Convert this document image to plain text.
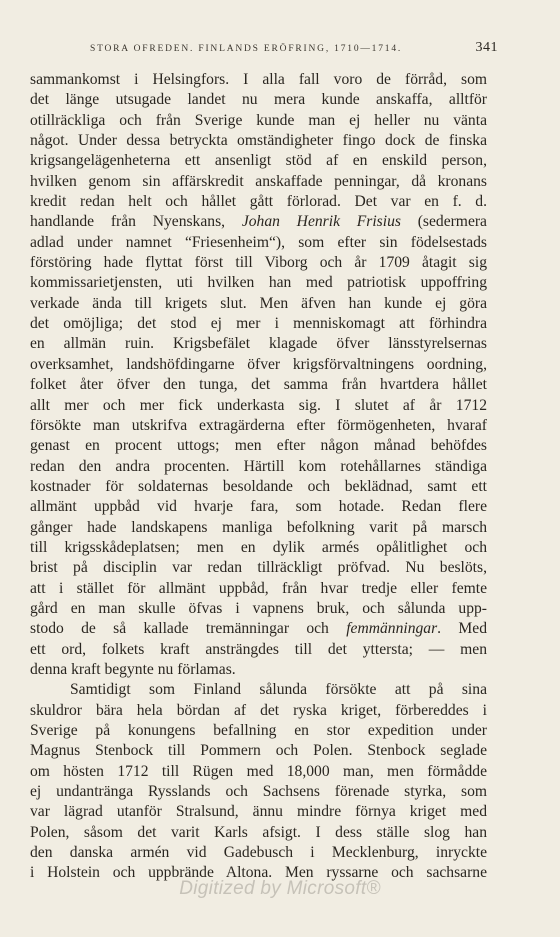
STORA OFREDEN. FINLANDS ERÖFRING, 1710—1714.	341
sammankomst i Helsingfors. I alla fall voro de förråd, som
det länge utsugade landet nu mera kunde anskaffa, alltför
otillräckliga och från Sverige kunde man ej heller nu vänta
något. Under dessa betryckta omständigheter fingo dock de finska
krigsangelägenheterna ett ansenligt stöd af en enskild person,
hvilken genom sin affärskredit anskaffade penningar, då kronans
kredit redan helt och hållet gått förlorad. Det var en f. d.
handlande från Nyenskans, Johan Henrik Frisius (sedermera
adlad under namnet “Friesenheim“), som efter sin födelsestads
förstöring hade flyttat först till Viborg och år 1709 åtagit sig
kommissarietjensten, uti hvilken han med patriotisk uppoffring
verkade ända till krigets slut. Men äfven han kunde ej göra
det omöjliga; det stod ej mer i menniskomagt att förhindra
en allmän ruin. Krigsbefälet klagade öfver länsstyrelsernas
overksamhet, landshöfdingarne öfver krigsförvaltningens oordning,
folket åter öfver den tunga, det samma från hvartdera hållet
allt mer och mer fick underkasta sig. I slutet af år 1712
försökte man utskrifva extragärderna efter förmögenheten, hvaraf
genast en procent uttogs; men efter någon månad behöfdes
redan den andra procenten. Härtill kom rotehållarnes ständiga
kostnader för soldaternas besoldande och beklädnad, samt ett
allmänt uppbåd vid hvarje fara, som hotade. Redan flere
gånger hade landskapens manliga befolkning varit på marsch
till krigsskådeplatsen; men en dylik armés opålitlighet och
brist på disciplin var redan tillräckligt pröfvad. Nu beslöts,
att i stället för allmänt uppbåd, från hvar tredje eller femte
gård en man skulle öfvas i vapnens bruk, och sålunda upp-
stodo de så kallade tremänningar och femmänningar. Med
ett ord, folkets kraft ansträngdes till det yttersta; — men
denna kraft begynte nu förlamas.
Samtidigt som Finland sålunda försökte att på sina
skuldror bära hela bördan af det ryska kriget, förbereddes i
Sverige på konungens befallning en stor expedition under
Magnus Stenbock till Pommern och Polen. Stenbock seglade
om hösten 1712 till Rügen med 18,000 man, men förmådde
ej undantränga Rysslands och Sachsens förenade styrka, som
var lägrad utanför Stralsund, ännu mindre förnya kriget med
Polen, såsom det varit Karls afsigt. I dess ställe slog han
den danska armén vid Gadebusch i Mecklenburg, inryckte
i Holstein och uppbrände Altona. Men ryssarne och sachsarne
Digitized by Microsoft®
